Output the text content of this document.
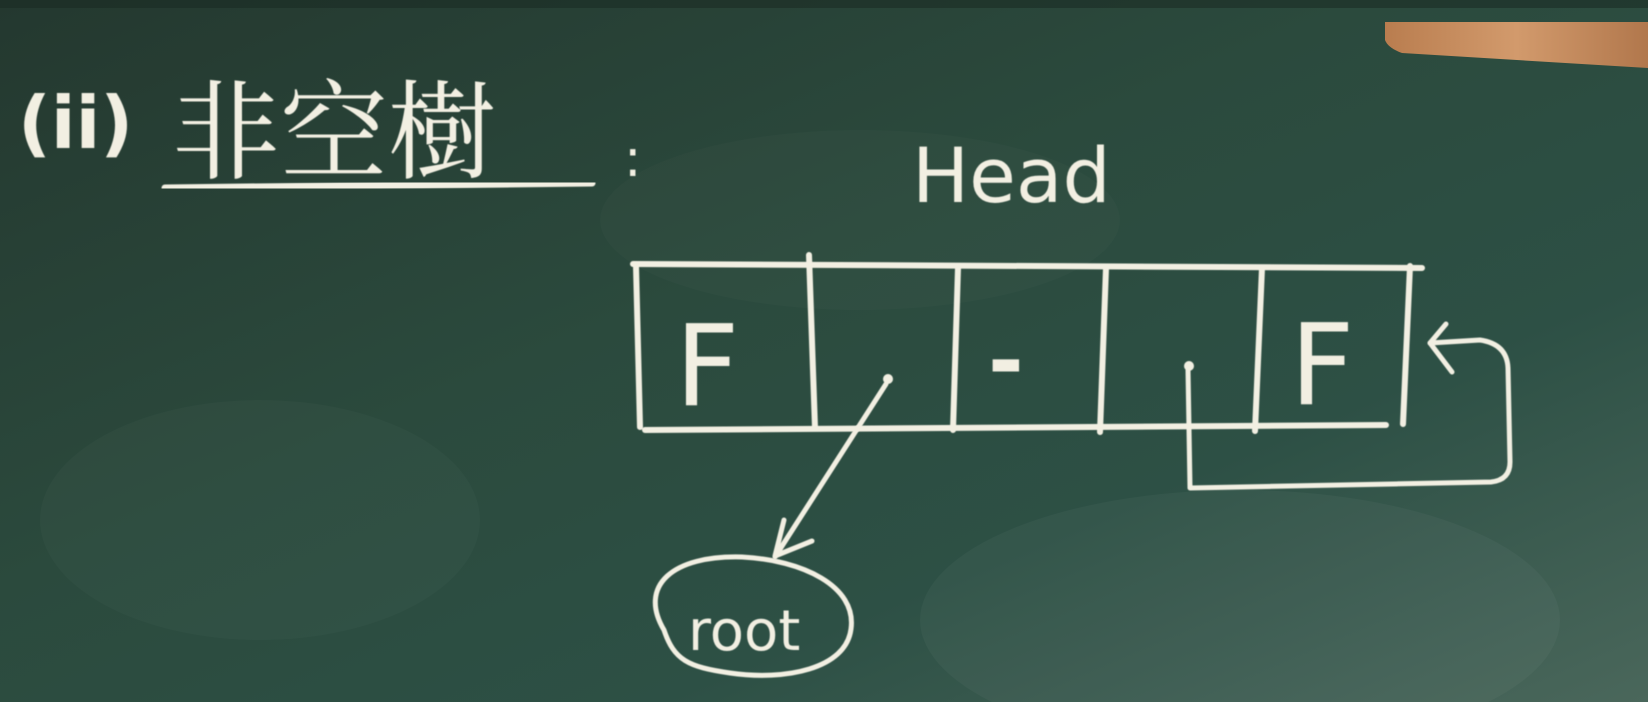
(ii) 非空樹 :	Head
F	- F
root
